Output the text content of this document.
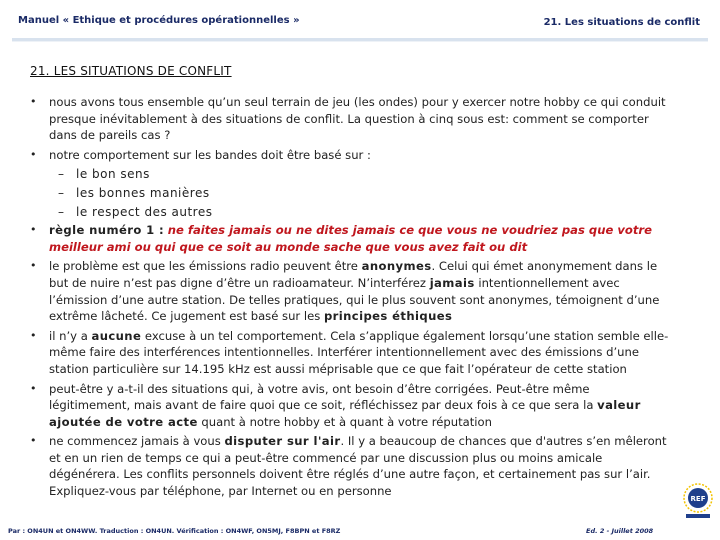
Manuel « Ethique et procédures opérationnelles »	21. Les situations de conflit
21. LES SITUATIONS DE CONFLIT
•	nous avons tous ensemble qu’un seul terrain de jeu (les ondes) pour y exercer notre hobby ce qui conduit presque inévitablement à des situations de conflit. La question à cinq sous est: comment se comporter dans de pareils cas ?
•	notre comportement sur les bandes doit être basé sur :
– le bon sens
– les bonnes manières
– le respect des autres
•	règle numéro 1 : ne faites jamais ou ne dites jamais ce que vous ne voudriez pas que votre meilleur ami ou qui que ce soit au monde sache que vous avez fait ou dit
•	le problème est que les émissions radio peuvent être anonymes. Celui qui émet anonymement dans le but de nuire n’est pas digne d’être un radioamateur. N’interférez jamais intentionnellement avec l’émission d’une autre station. De telles pratiques, qui le plus souvent sont anonymes, témoignent d’une extrême lâcheté. Ce jugement est basé sur les principes éthiques
•	il n’y a aucune excuse à un tel comportement. Cela s’applique également lorsqu’une station semble elle-même faire des interférences intentionnelles. Interférer intentionnellement avec des émissions d’une station particulière sur 14.195 kHz est aussi méprisable que ce que fait l’opérateur de cette station
•	peut-être y a-t-il des situations qui, à votre avis, ont besoin d’être corrigées. Peut-être même légitimement, mais avant de faire quoi que ce soit, réfléchissez par deux fois à ce que sera la valeur ajoutée de votre acte quant à notre hobby et à quant à votre réputation
•	ne commencez jamais à vous disputer sur l'air. Il y a beaucoup de chances que d'autres s’en mêleront et en un rien de temps ce qui a peut-être commencé par une discussion plus ou moins amicale dégénérera. Les conflits personnels doivent être réglés d’une autre façon, et certainement pas sur l’air. Expliquez-vous par téléphone, par Internet ou en personne
Par : ON4UN et ON4WW. Traduction : ON4UN. Vérification : ON4WF, ON5MJ, F8BPN et F8RZ	Ed. 2 - Juillet 2008
REF
